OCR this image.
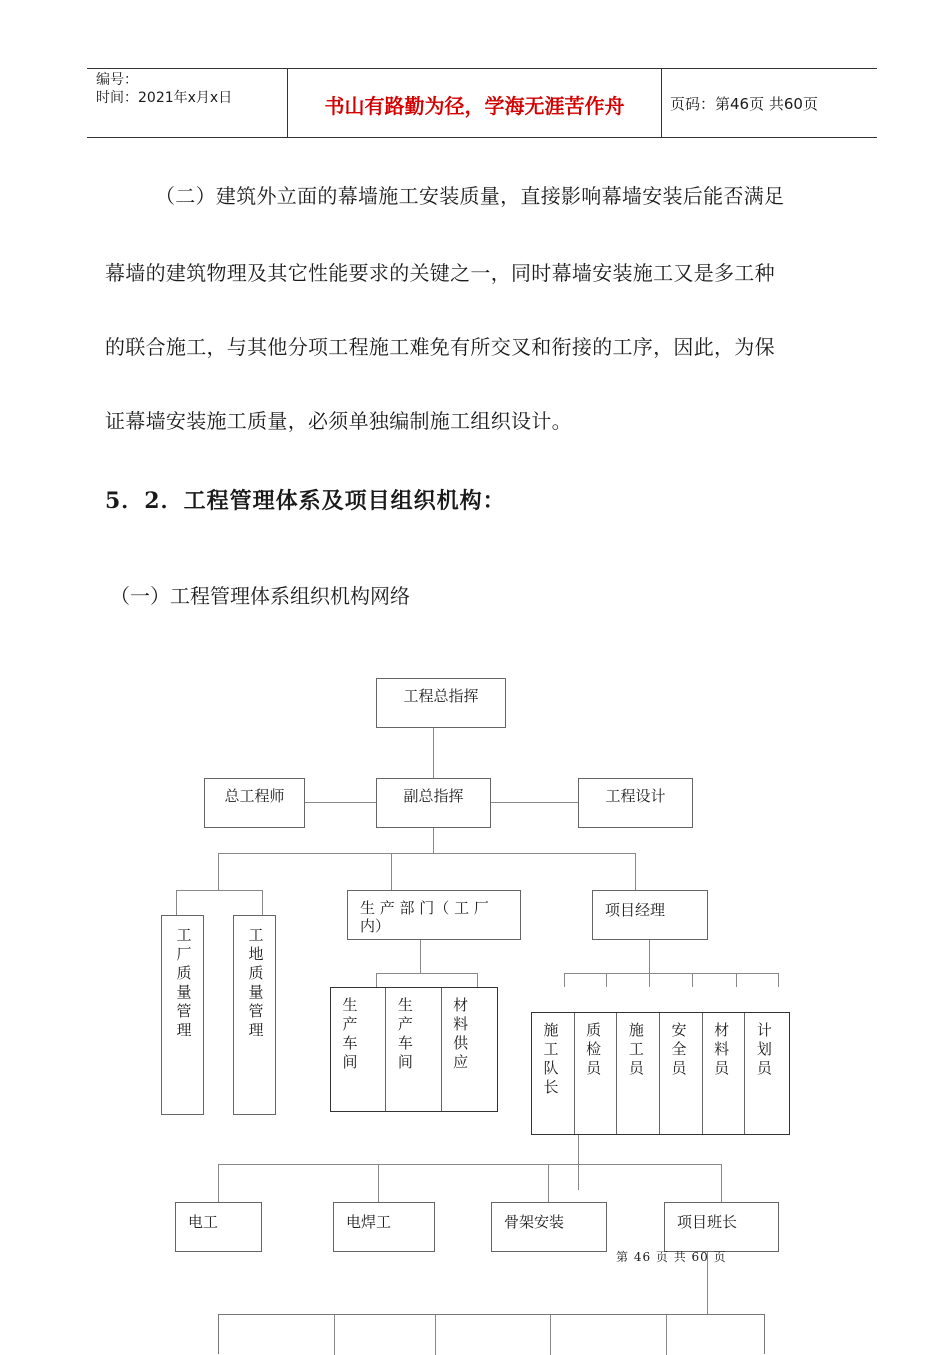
编号：
时间：2021年x月x日	书山有路勤为径，学海无涯苦作舟	页码：第46页 共60页
（二）建筑外立面的幕墙施工安装质量，直接影响幕墙安装后能否满足
幕墙的建筑物理及其它性能要求的关键之一，同时幕墙安装施工又是多工种
的联合施工，与其他分项工程施工难免有所交叉和衔接的工序，因此，为保
证幕墙安装施工质量，必须单独编制施工组织设计。
5．2．工程管理体系及项目组织机构：
（一）工程管理体系组织机构网络
工程总指挥
总工程师	副总指挥	工程设计
工厂质量管理
工地质量管理
生 产 部 门（ 工 厂 内）
项目经理
生产车间
生产车间
材料供应
施工队长
质检员
施工员
安全员
材料员
计划员
电工	电焊工	骨架安装	项目班长
第 46 页 共 60 页
